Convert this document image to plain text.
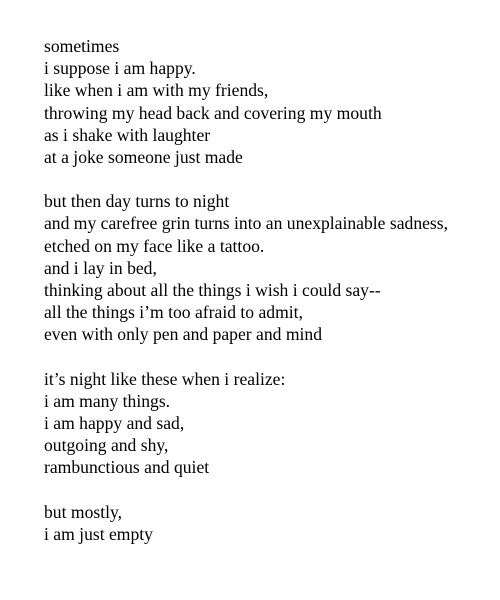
sometimes
i suppose i am happy.
like when i am with my friends,
throwing my head back and covering my mouth
as i shake with laughter
at a joke someone just made
but then day turns to night
and my carefree grin turns into an unexplainable sadness,
etched on my face like a tattoo.
and i lay in bed,
thinking about all the things i wish i could say--
all the things i’m too afraid to admit,
even with only pen and paper and mind
it’s night like these when i realize:
i am many things.
i am happy and sad,
outgoing and shy,
rambunctious and quiet
but mostly,
i am just empty
